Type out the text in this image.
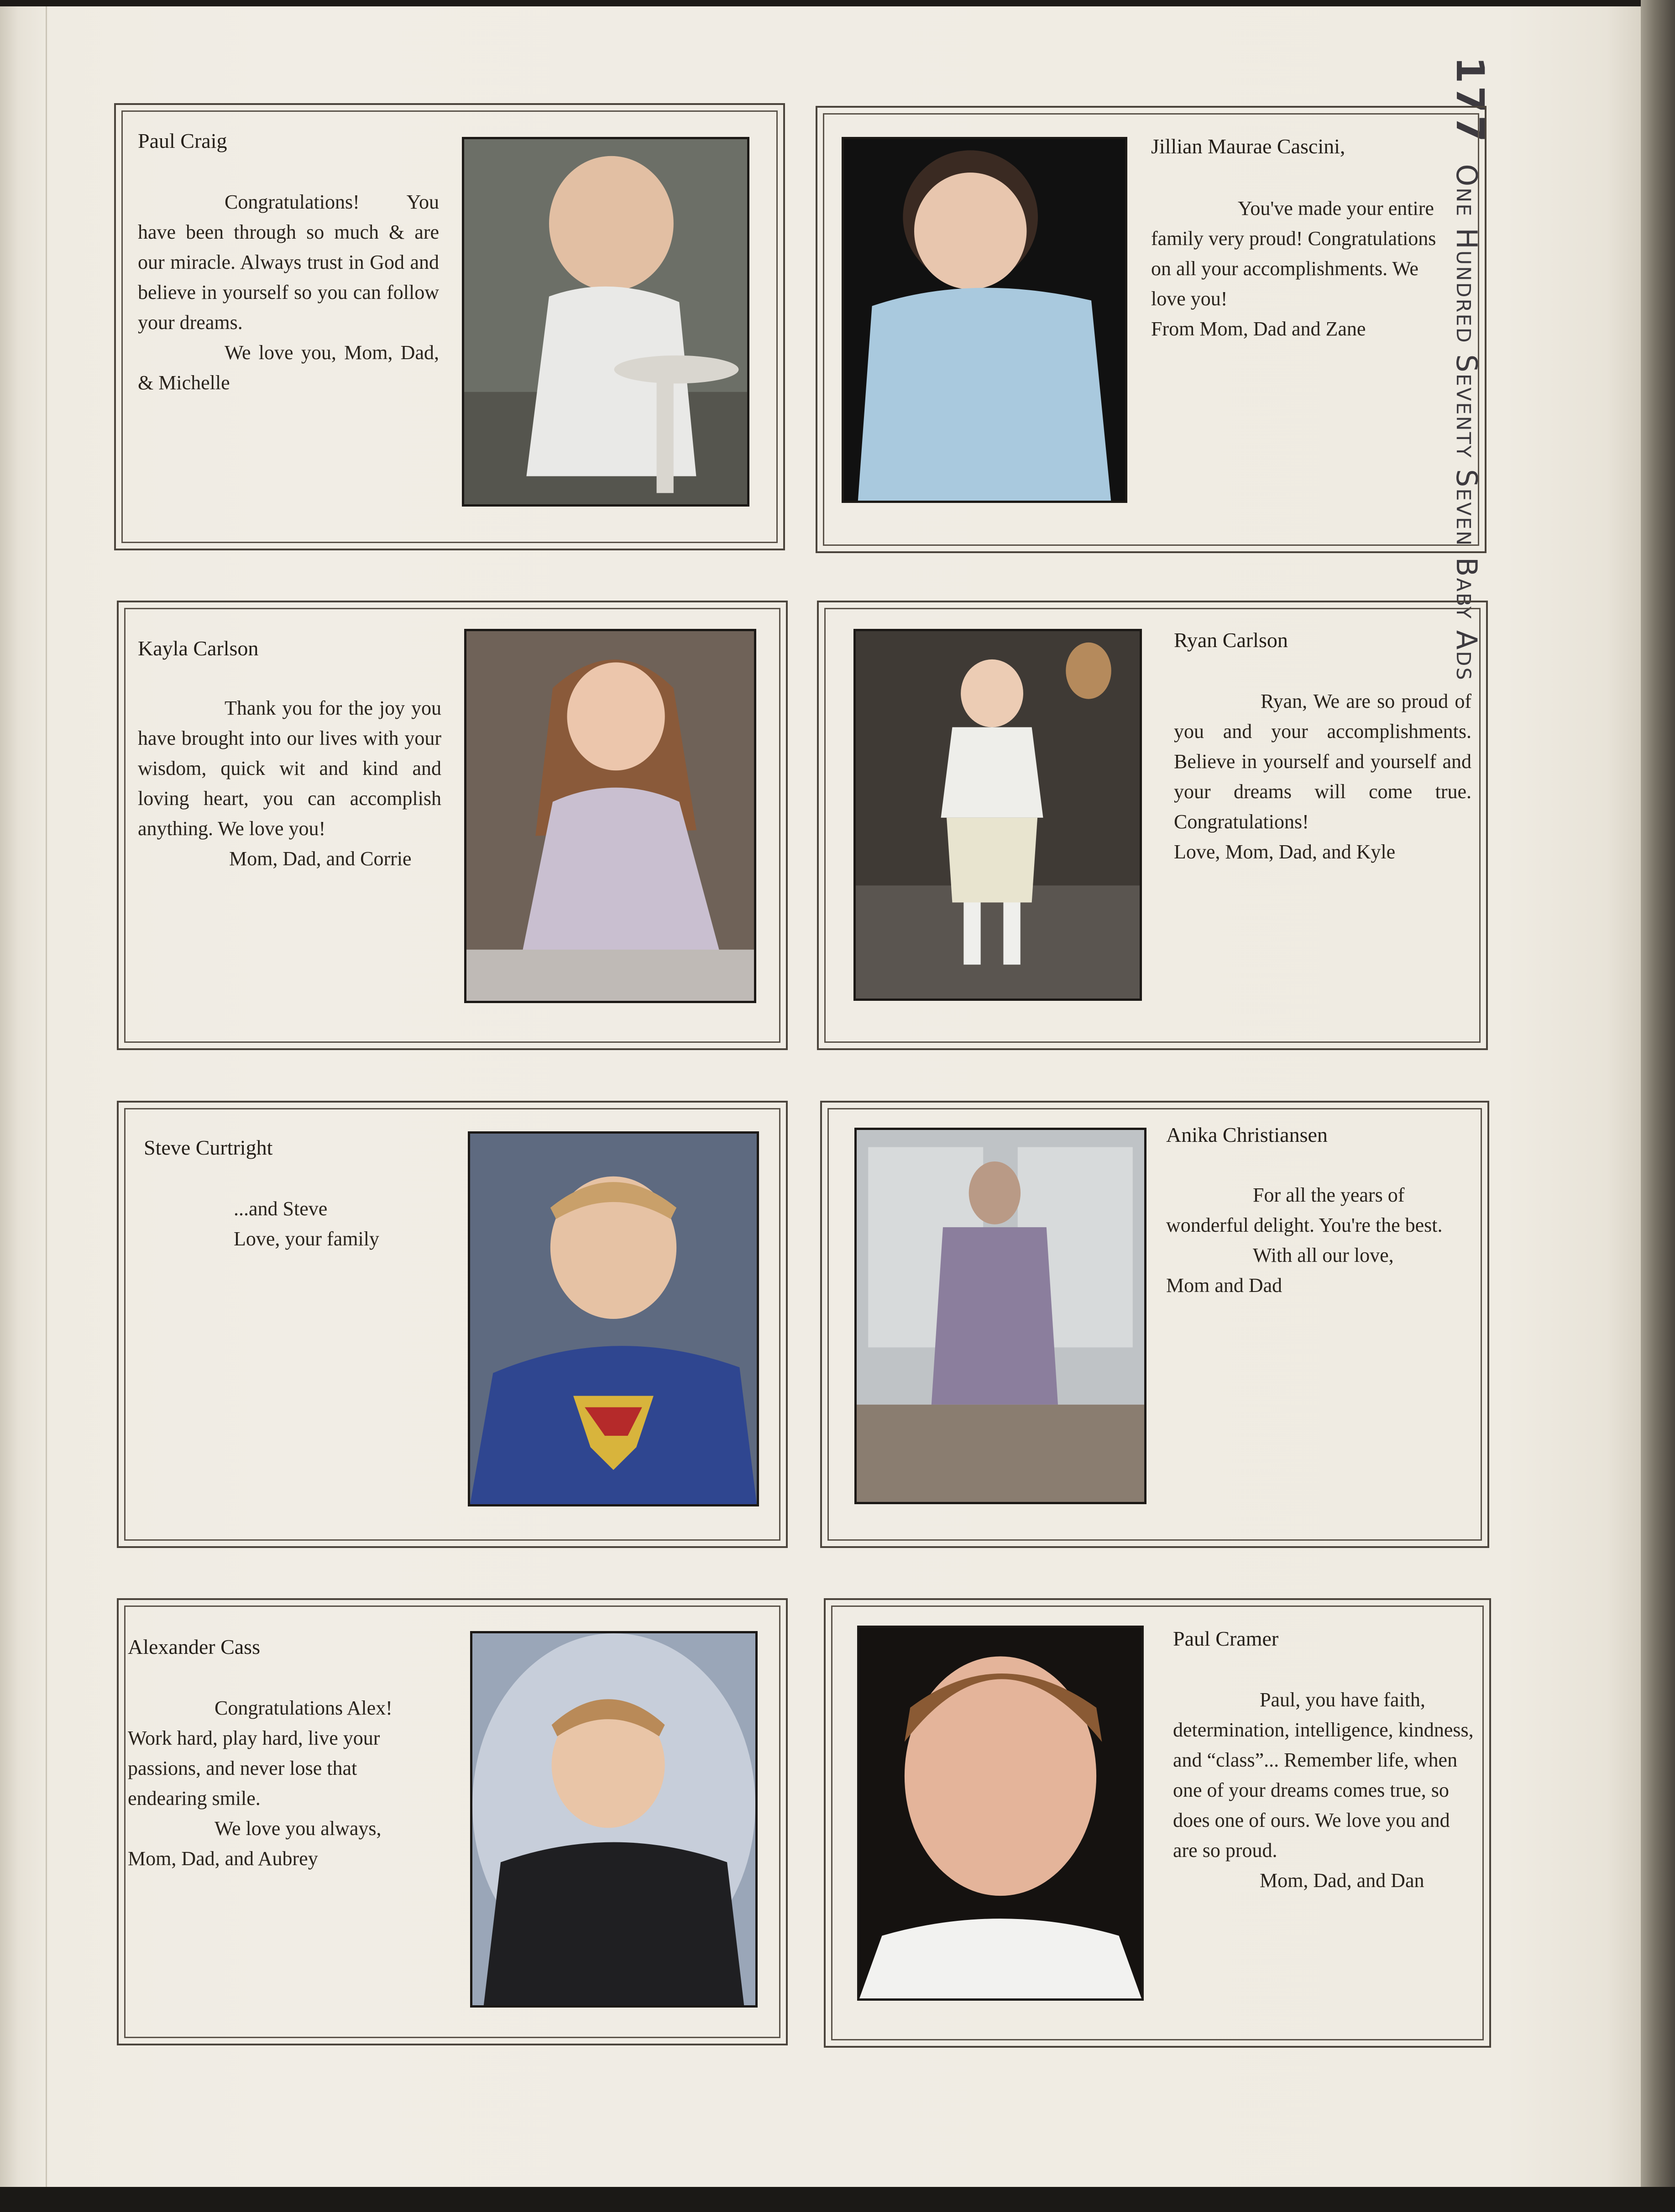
177One Hundred Seventy Seven Baby Ads
Paul Craig

Congratulations! You have been through so much & are our miracle. Always trust in God and believe in yourself so you can follow your dreams.

We love you, Mom, Dad, & Michelle

Jillian Maurae Cascini,

You've made your entire family very proud! Congratulations on all your accomplishments. We love you!

From Mom, Dad and Zane

Kayla Carlson

Thank you for the joy you have brought into our lives with your wisdom, quick wit and kind and loving heart, you can accomplish anything. We love you!

Mom, Dad, and Corrie

Ryan Carlson

Ryan, We are so proud of you and your accomplishments. Believe in yourself and yourself and your dreams will come true. Congratulations!

Love, Mom, Dad, and Kyle

Steve Curtright

...and Steve

Love, your family

Anika Christiansen

For all the years of wonderful delight. You're the best.

With all our love,

Mom and Dad

Alexander Cass

Congratulations Alex! Work hard, play hard, live your passions, and never lose that endearing smile.

We love you always,

Mom, Dad, and Aubrey

Paul Cramer

Paul, you have faith, determination, intelligence, kindness, and “class”... Remember life, when one of your dreams comes true, so does one of ours. We love you and are so proud.

Mom, Dad, and Dan
